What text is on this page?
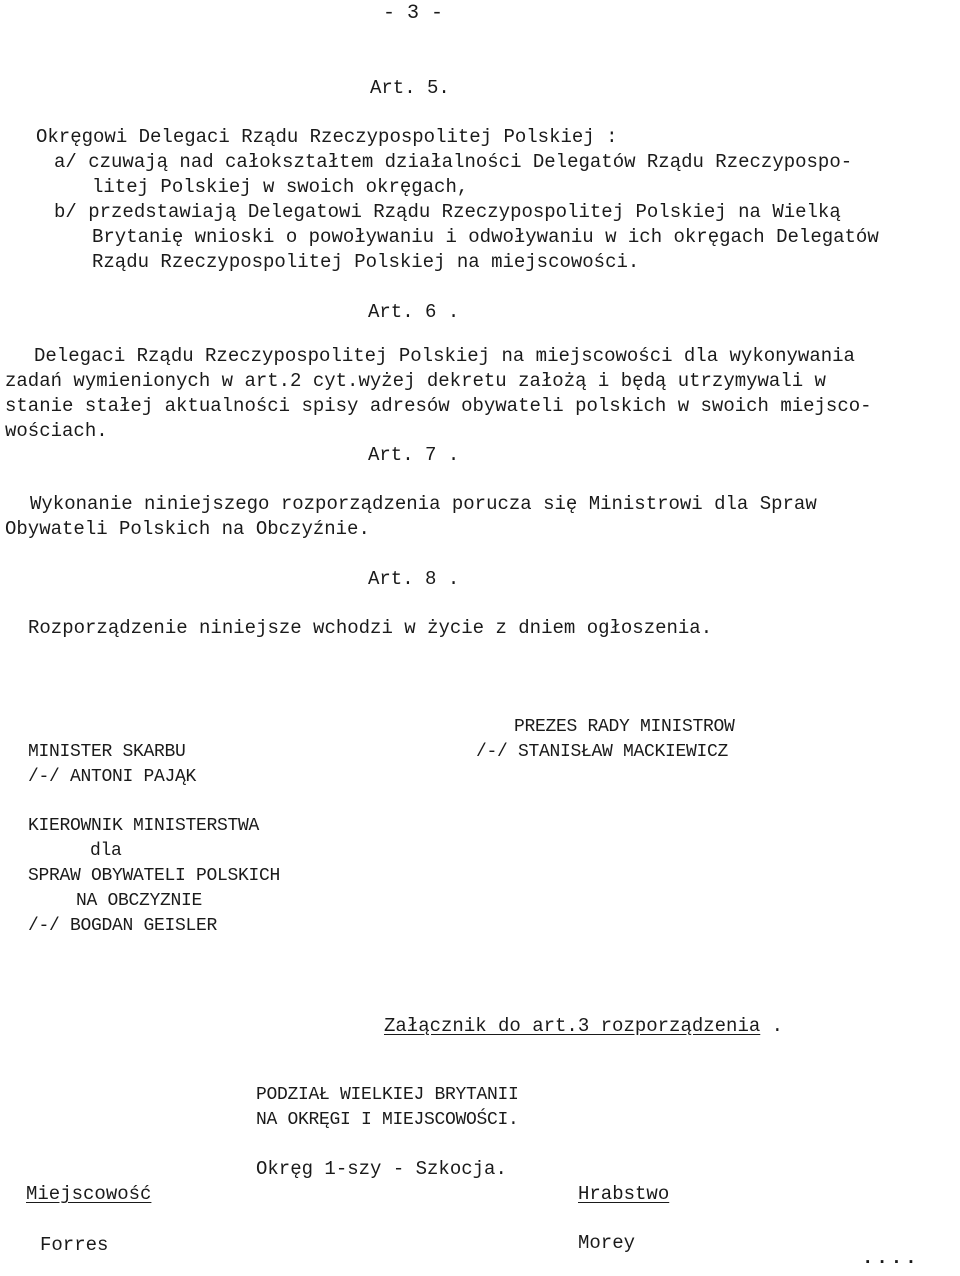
- 3 -
Art. 5.
Okręgowi Delegaci Rządu Rzeczypospolitej Polskiej :
a/ czuwają nad całokształtem działalności Delegatów Rządu Rzeczypospo-
litej Polskiej w swoich okręgach,
b/ przedstawiają Delegatowi Rządu Rzeczypospolitej Polskiej na Wielką
Brytanię wnioski o powoływaniu i odwoływaniu w ich okręgach Delegatów
Rządu Rzeczypospolitej Polskiej na miejscowości.
Art. 6 .
Delegaci Rządu Rzeczypospolitej Polskiej na miejscowości dla wykonywania
zadań wymienionych w art.2 cyt.wyżej dekretu założą i będą utrzymywali w
stanie stałej aktualności spisy adresów obywateli polskich w swoich miejsco-
wościach.
Art. 7 .
Wykonanie niniejszego rozporządzenia porucza się Ministrowi dla Spraw
Obywateli Polskich na Obczyźnie.
Art. 8 .
Rozporządzenie niniejsze wchodzi w życie z dniem ogłoszenia.
PREZES RADY MINISTROW
/-/ STANISŁAW MACKIEWICZ
MINISTER SKARBU
/-/ ANTONI PAJĄK
KIEROWNIK MINISTERSTWA
dla
SPRAW OBYWATELI POLSKICH
NA OBCZYZNIE
/-/ BOGDAN GEISLER
Załącznik do art.3 rozporządzenia .
PODZIAŁ WIELKIEJ BRYTANII
NA OKRĘGI I MIEJSCOWOŚCI.
Okręg 1-szy - Szkocja.
Miejscowość	Hrabstwo
Forres	Morey
....
